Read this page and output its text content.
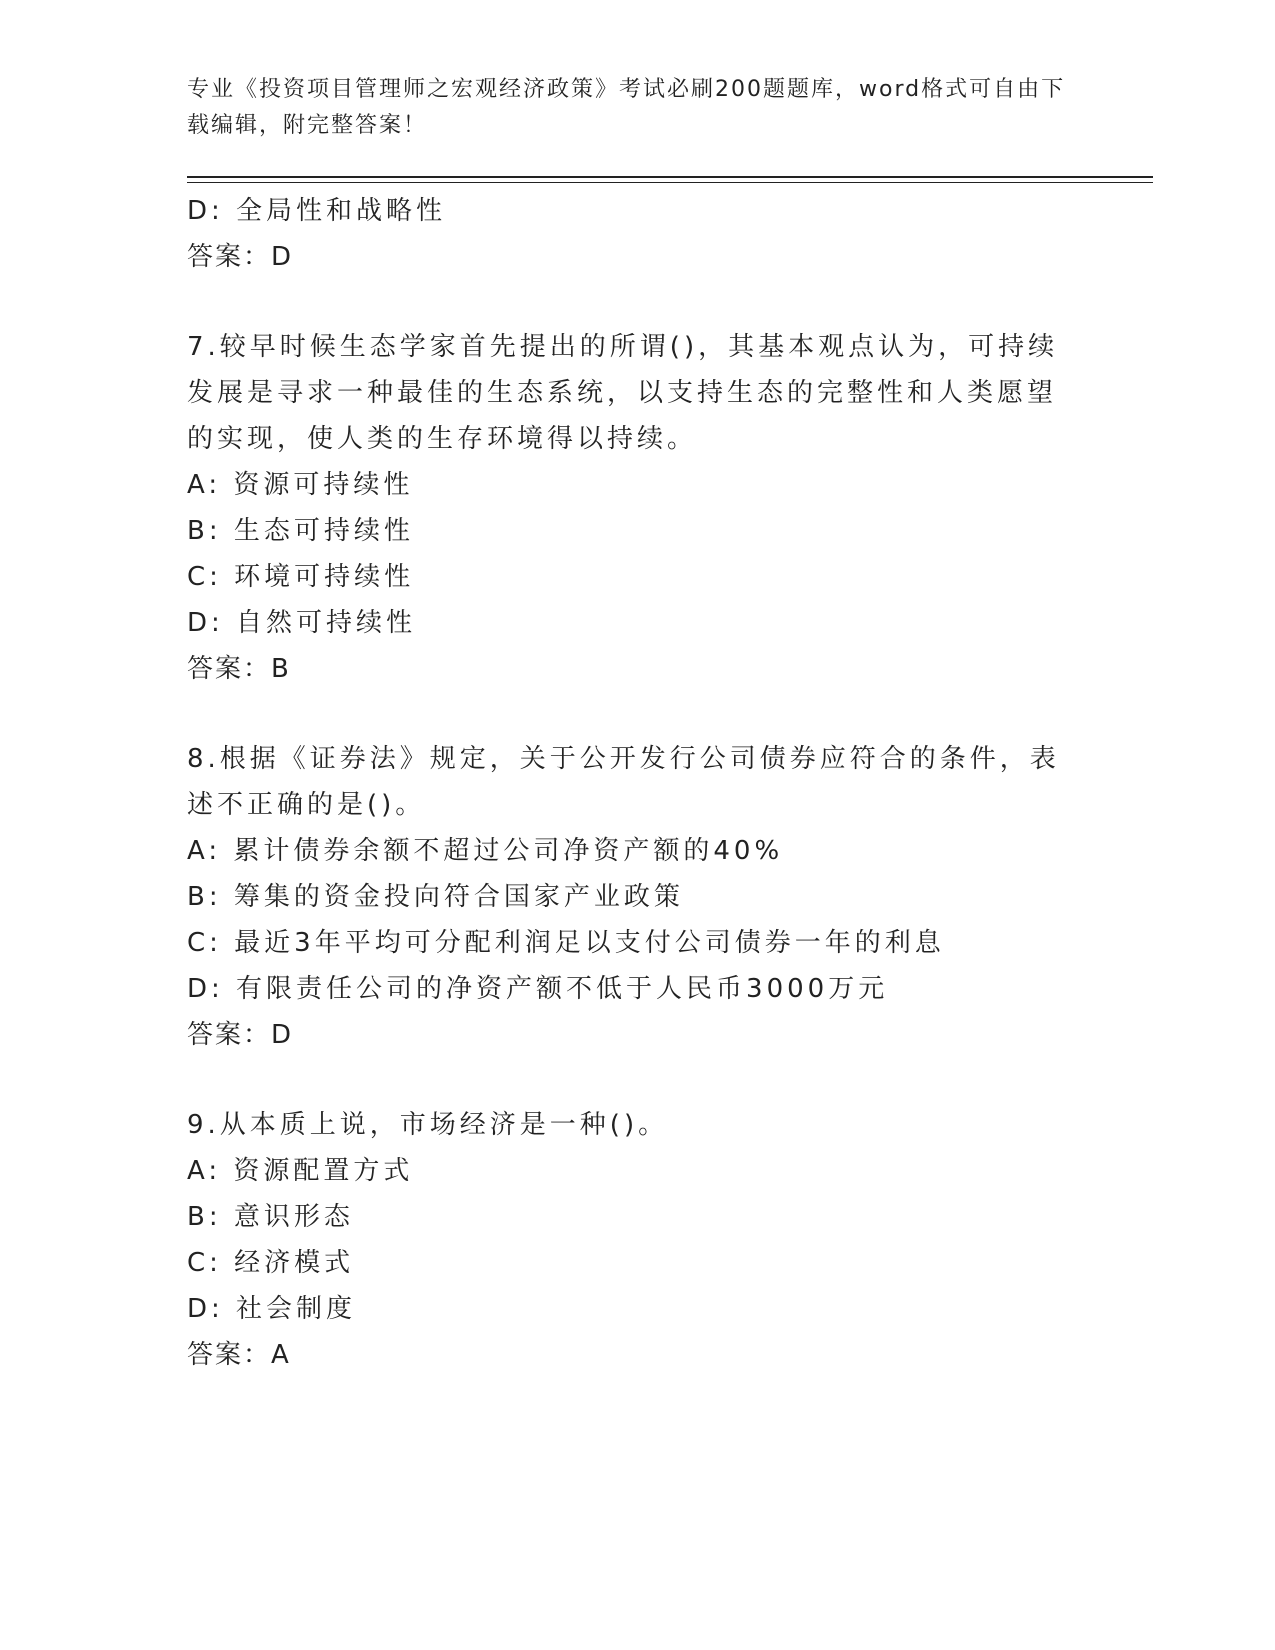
专业《投资项目管理师之宏观经济政策》考试必刷200题题库，word格式可自由下载编辑，附完整答案！
D: 全局性和战略性
答案：D
7.较早时候生态学家首先提出的所谓()，其基本观点认为，可持续发展是寻求一种最佳的生态系统，以支持生态的完整性和人类愿望的实现，使人类的生存环境得以持续。
A: 资源可持续性
B: 生态可持续性
C: 环境可持续性
D: 自然可持续性
答案：B
8.根据《证券法》规定，关于公开发行公司债券应符合的条件，表述不正确的是()。
A: 累计债券余额不超过公司净资产额的40%
B: 筹集的资金投向符合国家产业政策
C: 最近3年平均可分配利润足以支付公司债券一年的利息
D: 有限责任公司的净资产额不低于人民币3000万元
答案：D
9.从本质上说，市场经济是一种()。
A: 资源配置方式
B: 意识形态
C: 经济模式
D: 社会制度
答案：A
